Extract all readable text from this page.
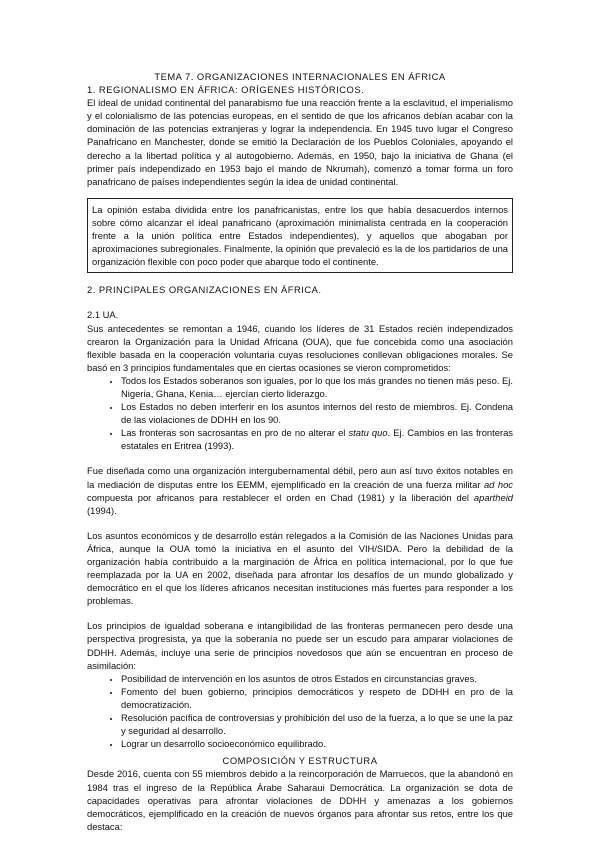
TEMA 7. ORGANIZACIONES INTERNACIONALES EN ÁFRICA
1. REGIONALISMO EN ÁFRICA: ORÍGENES HISTÓRICOS.

El ideal de unidad continental del panarabismo fue una reacción frente a la esclavitud, el imperialismo y el colonialismo de las potencias europeas, en el sentido de que los africanos debían acabar con la dominación de las potencias extranjeras y lograr la independencia. En 1945 tuvo lugar el Congreso Panafricano en Manchester, donde se emitió la Declaración de los Pueblos Coloniales, apoyando el derecho a la libertad política y al autogobierno. Además, en 1950, bajo la iniciativa de Ghana (el primer país independizado en 1953 bajo el mando de Nkrumah), comenzó a tomar forma un foro panafricano de países independientes según la idea de unidad continental.

La opinión estaba dividida entre los panafricanistas, entre los que había desacuerdos internos sobre cómo alcanzar el ideal panafricano (aproximación minimalista centrada en la cooperación frente a la unión política entre Estados independientes), y aquellos que abogaban por aproximaciones subregionales. Finalmente, la opinión que prevaleció es la de los partidarios de una organización flexible con poco poder que abarque todo el continente.

2. PRINCIPALES ORGANIZACIONES EN ÁFRICA.
2.1 UA.

Sus antecedentes se remontan a 1946, cuando los líderes de 31 Estados recién independizados crearon la Organización para la Unidad Africana (OUA), que fue concebida como una asociación flexible basada en la cooperación voluntaria cuyas resoluciones conllevan obligaciones morales. Se basó en 3 principios fundamentales que en ciertas ocasiones se vieron comprometidos:

• Todos los Estados soberanos son iguales, por lo que los más grandes no tienen más peso. Ej. Nigeria, Ghana, Kenia… ejercían cierto liderazgo.
• Los Estados no deben interferir en los asuntos internos del resto de miembros. Ej. Condena de las violaciones de DDHH en los 90.
• Las fronteras son sacrosantas en pro de no alterar el statu quo. Ej. Cambios en las fronteras estatales en Eritrea (1993).

Fue diseñada como una organización intergubernamental débil, pero aun así tuvo éxitos notables en la mediación de disputas entre los EEMM, ejemplificado en la creación de una fuerza militar ad hoc compuesta por africanos para restablecer el orden en Chad (1981) y la liberación del apartheid (1994).

Los asuntos económicos y de desarrollo están relegados a la Comisión de las Naciones Unidas para África, aunque la OUA tomó la iniciativa en el asunto del VIH/SIDA. Pero la debilidad de la organización había contribuido a la marginación de África en política internacional, por lo que fue reemplazada por la UA en 2002, diseñada para afrontar los desafíos de un mundo globalizado y democrático en el que los líderes africanos necesitan instituciones más fuertes para responder a los problemas.

Los principios de igualdad soberana e intangibilidad de las fronteras permanecen pero desde una perspectiva progresista, ya que la soberanía no puede ser un escudo para amparar violaciones de DDHH. Además, incluye una serie de principios novedosos que aún se encuentran en proceso de asimilación:

• Posibilidad de intervención en los asuntos de otros Estados en circunstancias graves.
• Fomento del buen gobierno, principios democráticos y respeto de DDHH en pro de la democratización.
• Resolución pacífica de controversias y prohibición del uso de la fuerza, a lo que se une la paz y seguridad al desarrollo.
• Lograr un desarrollo socioeconómico equilibrado.
COMPOSICIÓN Y ESTRUCTURA

Desde 2016, cuenta con 55 miembros debido a la reincorporación de Marruecos, que la abandonó en 1984 tras el ingreso de la República Árabe Saharaui Democrática. La organización se dota de capacidades operativas para afrontar violaciones de DDHH y amenazas a los gobiernos democráticos, ejemplificado en la creación de nuevos órganos para afrontar sus retos, entre los que destaca:
